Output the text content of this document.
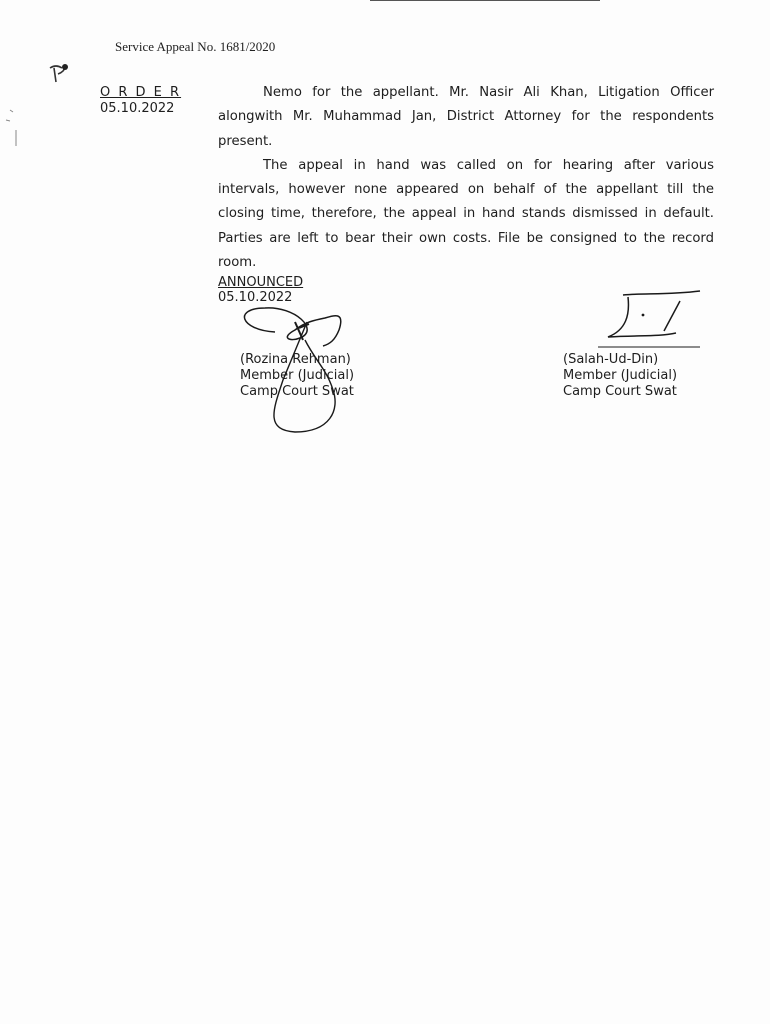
Service Appeal No. 1681/2020
O R D E R
05.10.2022

Nemo for the appellant. Mr. Nasir Ali Khan, Litigation Officer alongwith Mr. Muhammad Jan, District Attorney for the respondents present.

The appeal in hand was called on for hearing after various intervals, however none appeared on behalf of the appellant till the closing time, therefore, the appeal in hand stands dismissed in default. Parties are left to bear their own costs. File be consigned to the record room.

ANNOUNCED
05.10.2022
(Rozina Rehman)
Member (Judicial)
Camp Court Swat
(Salah-Ud-Din)
Member (Judicial)
Camp Court Swat
